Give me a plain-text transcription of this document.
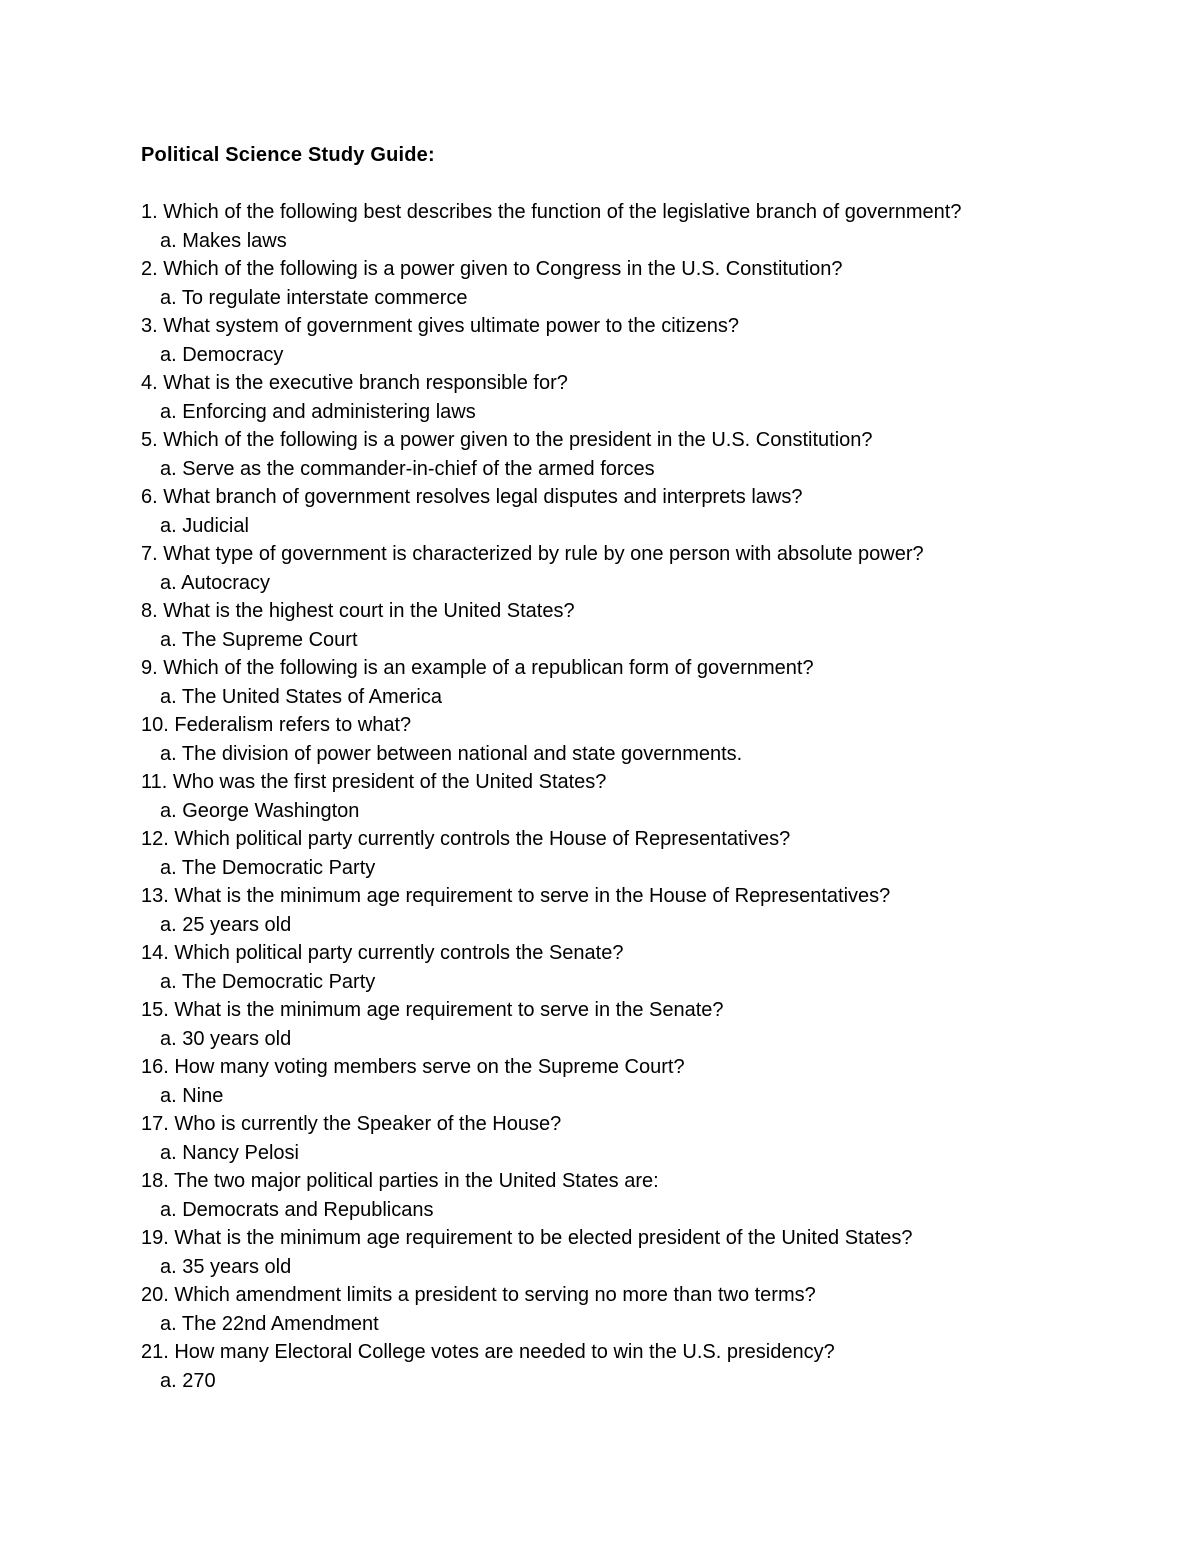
Political Science Study Guide:
1. Which of the following best describes the function of the legislative branch of government?
a. Makes laws
2. Which of the following is a power given to Congress in the U.S. Constitution?
a. To regulate interstate commerce
3. What system of government gives ultimate power to the citizens?
a. Democracy
4. What is the executive branch responsible for?
a. Enforcing and administering laws
5. Which of the following is a power given to the president in the U.S. Constitution?
a. Serve as the commander-in-chief of the armed forces
6. What branch of government resolves legal disputes and interprets laws?
a. Judicial
7. What type of government is characterized by rule by one person with absolute power?
a. Autocracy
8. What is the highest court in the United States?
a. The Supreme Court
9. Which of the following is an example of a republican form of government?
a. The United States of America
10. Federalism refers to what?
a. The division of power between national and state governments.
11. Who was the first president of the United States?
a. George Washington
12. Which political party currently controls the House of Representatives?
a. The Democratic Party
13. What is the minimum age requirement to serve in the House of Representatives?
a. 25 years old
14. Which political party currently controls the Senate?
a. The Democratic Party
15. What is the minimum age requirement to serve in the Senate?
a. 30 years old
16. How many voting members serve on the Supreme Court?
a. Nine
17. Who is currently the Speaker of the House?
a. Nancy Pelosi
18. The two major political parties in the United States are:
a. Democrats and Republicans
19. What is the minimum age requirement to be elected president of the United States?
a. 35 years old
20. Which amendment limits a president to serving no more than two terms?
a. The 22nd Amendment
21. How many Electoral College votes are needed to win the U.S. presidency?
a. 270
